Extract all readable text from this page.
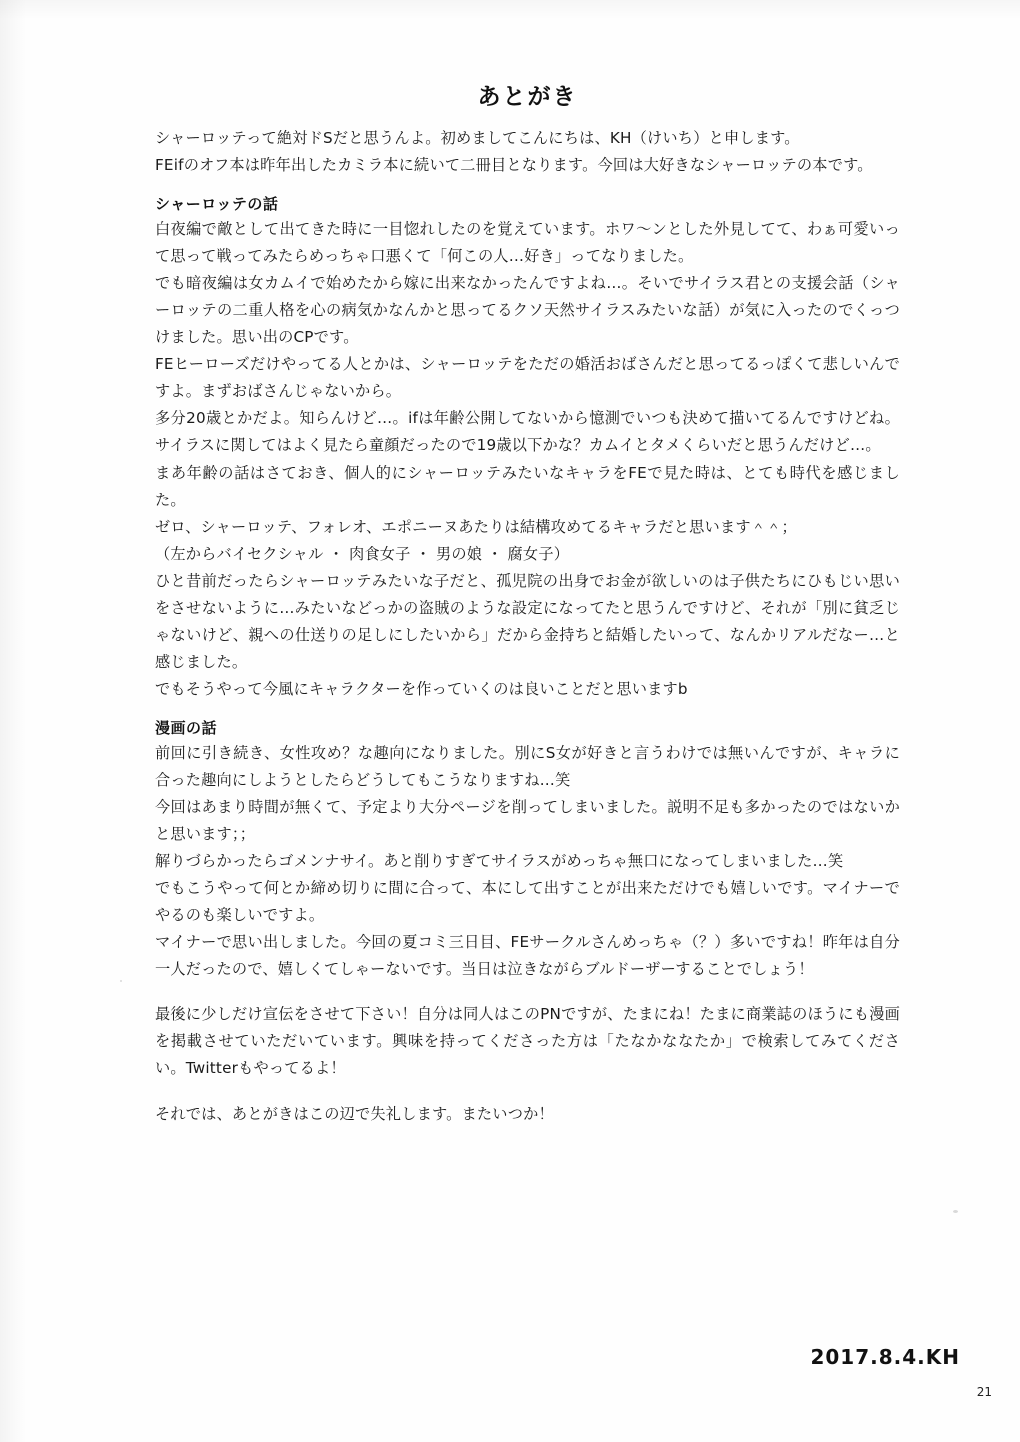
あとがき

シャーロッテって絶対ドSだと思うんよ。初めましてこんにちは、KH（けいち）と申します。

FEifのオフ本は昨年出したカミラ本に続いて二冊目となります。今回は大好きなシャーロッテの本です。

シャーロッテの話

白夜編で敵として出てきた時に一目惚れしたのを覚えています。ホワ〜ンとした外見してて、わぁ可愛いって思って戦ってみたらめっちゃ口悪くて「何この人…好き」ってなりました。

でも暗夜編は女カムイで始めたから嫁に出来なかったんですよね…。そいでサイラス君との支援会話（シャーロッテの二重人格を心の病気かなんかと思ってるクソ天然サイラスみたいな話）が気に入ったのでくっつけました。思い出のCPです。

FEヒーローズだけやってる人とかは、シャーロッテをただの婚活おばさんだと思ってるっぽくて悲しいんですよ。まずおばさんじゃないから。

多分20歳とかだよ。知らんけど…。ifは年齢公開してないから憶測でいつも決めて描いてるんですけどね。サイラスに関してはよく見たら童顔だったので19歳以下かな？カムイとタメくらいだと思うんだけど…。

まあ年齢の話はさておき、個人的にシャーロッテみたいなキャラをFEで見た時は、とても時代を感じました。

ゼロ、シャーロッテ、フォレオ、エポニーヌあたりは結構攻めてるキャラだと思います＾＾；

（左からバイセクシャル ・ 肉食女子 ・ 男の娘 ・ 腐女子）

ひと昔前だったらシャーロッテみたいな子だと、孤児院の出身でお金が欲しいのは子供たちにひもじい思いをさせないように…みたいなどっかの盗賊のような設定になってたと思うんですけど、それが「別に貧乏じゃないけど、親への仕送りの足しにしたいから」だから金持ちと結婚したいって、なんかリアルだなー…と感じました。

でもそうやって今風にキャラクターを作っていくのは良いことだと思いますb

漫画の話

前回に引き続き、女性攻め？な趣向になりました。別にS女が好きと言うわけでは無いんですが、キャラに合った趣向にしようとしたらどうしてもこうなりますね…笑

今回はあまり時間が無くて、予定より大分ページを削ってしまいました。説明不足も多かったのではないかと思います；；

解りづらかったらゴメンナサイ。あと削りすぎてサイラスがめっちゃ無口になってしまいました…笑

でもこうやって何とか締め切りに間に合って、本にして出すことが出来ただけでも嬉しいです。マイナーでやるのも楽しいですよ。

マイナーで思い出しました。今回の夏コミ三日目、FEサークルさんめっちゃ（？）多いですね！昨年は自分一人だったので、嬉しくてしゃーないです。当日は泣きながらブルドーザーすることでしょう！

最後に少しだけ宣伝をさせて下さい！自分は同人はこのPNですが、たまにね！たまに商業誌のほうにも漫画を掲載させていただいています。興味を持ってくださった方は「たなかななたか」で検索してみてください。Twitterもやってるよ！

それでは、あとがきはこの辺で失礼します。またいつか！

2017.8.4.KH
21
